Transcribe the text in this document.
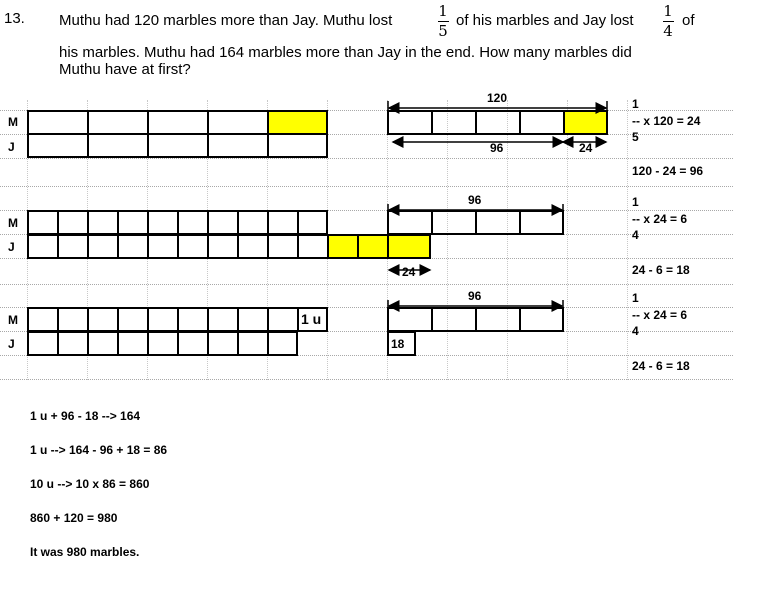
13. Muthu had 120 marbles more than Jay. Muthu lost
1
5
of his marbles and Jay lost
1
4
of
his marbles. Muthu had 164 marbles more than Jay in the end. How many marbles did
Muthu have at first?
M
J
M
J
M
J
120
96	24
1
-- x 120 = 24
5
120 - 24 = 96
96
24
1
-- x 24 = 6
4
24 - 6 = 18
1 u
18
96	1
-- x 24 = 6
4
24 - 6 = 18
1 u + 96 - 18 --> 164
1 u --> 164 - 96 + 18 = 86
10 u --> 10 x 86 = 860
860 + 120 = 980
It was 980 marbles.
